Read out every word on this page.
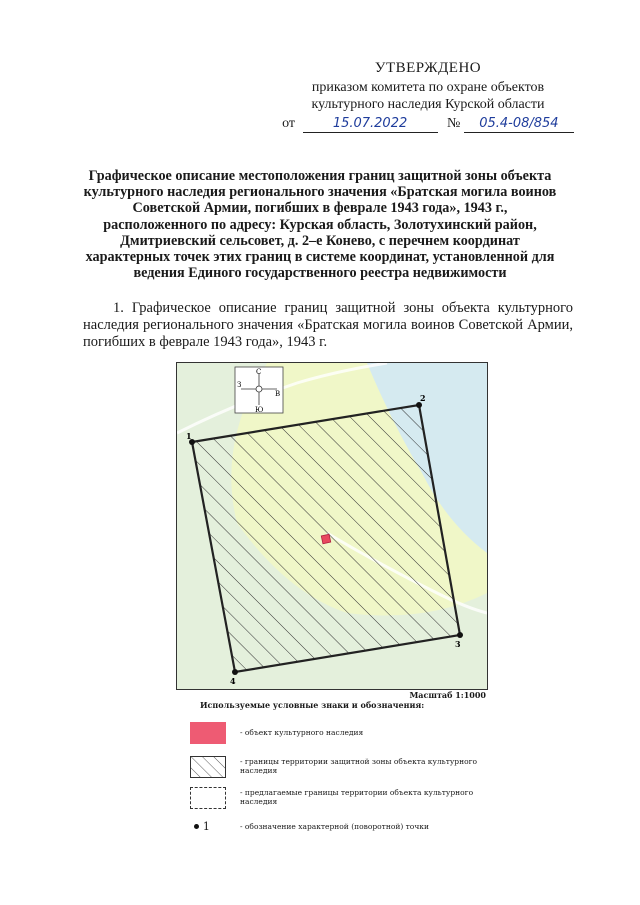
УТВЕРЖДЕНО
приказом комитета по охране объектов
культурного наследия Курской области
от	15.07.2022	№ 05.4-08/854
Графическое описание местоположения границ защитной зоны объекта культурного наследия регионального значения «Братская могила воинов Советской Армии, погибших в феврале 1943 года», 1943 г., расположенного по адресу: Курская область, Золотухинский район, Дмитриевский сельсовет, д. 2–е Конево, с перечнем координат характерных точек этих границ в системе координат, установленной для ведения Единого государственного реестра недвижимости
1. Графическое описание границ защитной зоны объекта культурного наследия регионального значения «Братская могила воинов Советской Армии, погибших в феврале 1943 года», 1943 г.
1
2
3
4
С
Ю
З
В
Масштаб 1:1000
Используемые условные знаки и обозначения:
- объект культурного наследия
- границы территории защитной зоны объекта культурного наследия
- предлагаемые границы территории объекта культурного наследия
1	- обозначение характерной (поворотной) точки
